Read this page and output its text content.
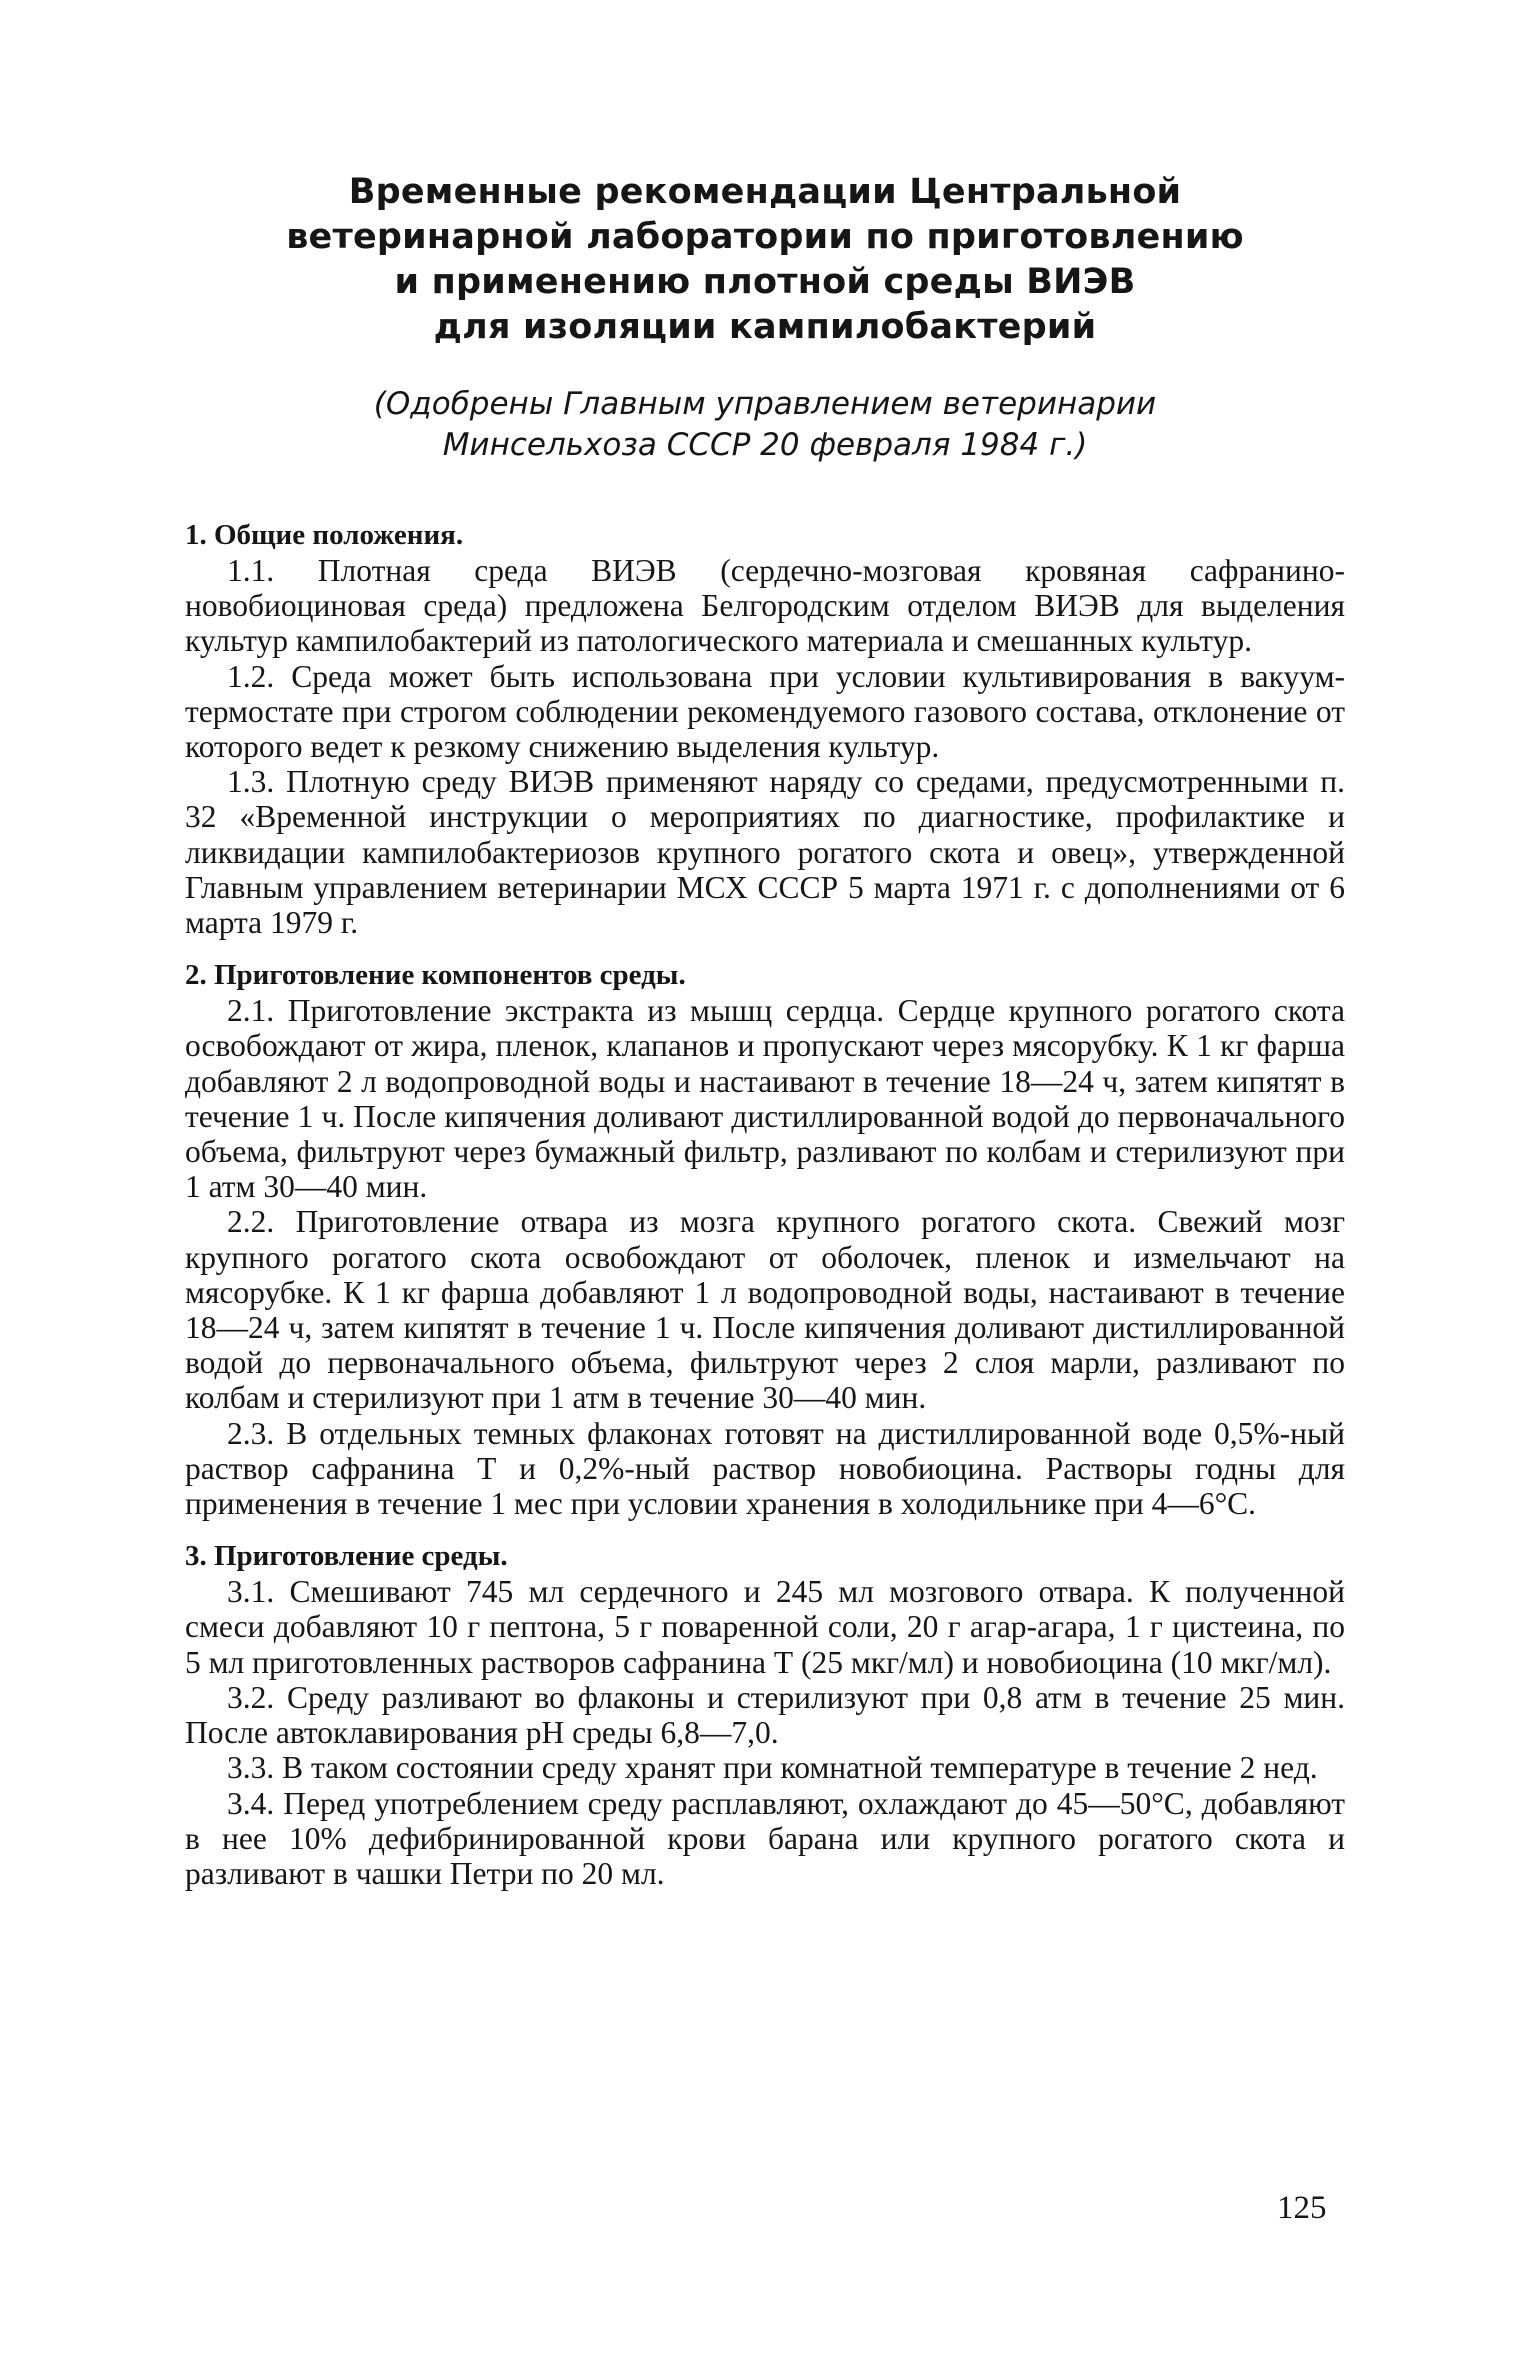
Временные рекомендации Центральной
ветеринарной лаборатории по приготовлению
и применению плотной среды ВИЭВ
для изоляции кампилобактерий
(Одобрены Главным управлением ветеринарии
Минсельхоза СССР 20 февраля 1984 г.)

1. Общие положения.

1.1. Плотная среда ВИЭВ (сердечно-мозговая кровяная сафранино-новобиоциновая среда) предложена Белгородским отделом ВИЭВ для выделения культур кампилобактерий из патологического материала и смешанных культур.

1.2. Среда может быть использована при условии культивирования в вакуум-термостате при строгом соблюдении рекомендуемого газового состава, отклонение от которого ведет к резкому снижению выделения культур.

1.3. Плотную среду ВИЭВ применяют наряду со средами, предусмотренными п. 32 «Временной инструкции о мероприятиях по диагностике, профилактике и ликвидации кампилобактериозов крупного рогатого скота и овец», утвержденной Главным управлением ветеринарии МСХ СССР 5 марта 1971 г. с дополнениями от 6 марта 1979 г.

2. Приготовление компонентов среды.

2.1. Приготовление экстракта из мышц сердца. Сердце крупного рогатого скота освобождают от жира, пленок, клапанов и пропускают через мясорубку. К 1 кг фарша добавляют 2 л водопроводной воды и настаивают в течение 18—24 ч, затем кипятят в течение 1 ч. После кипячения доливают дистиллированной водой до первоначального объема, фильтруют через бумажный фильтр, разливают по колбам и стерилизуют при 1 атм 30—40 мин.

2.2. Приготовление отвара из мозга крупного рогатого скота. Свежий мозг крупного рогатого скота освобождают от оболочек, пленок и измельчают на мясорубке. К 1 кг фарша добавляют 1 л водопроводной воды, настаивают в течение 18—24 ч, затем кипятят в течение 1 ч. После кипячения доливают дистиллированной водой до первоначального объема, фильтруют через 2 слоя марли, разливают по колбам и стерилизуют при 1 атм в течение 30—40 мин.

2.3. В отдельных темных флаконах готовят на дистиллированной воде 0,5%-ный раствор сафранина Т и 0,2%-ный раствор новобиоцина. Растворы годны для применения в течение 1 мес при условии хранения в холодильнике при 4—6°С.

3. Приготовление среды.

3.1. Смешивают 745 мл сердечного и 245 мл мозгового отвара. К полученной смеси добавляют 10 г пептона, 5 г поваренной соли, 20 г агар-агара, 1 г цистеина, по 5 мл приготовленных растворов сафранина Т (25 мкг/мл) и новобиоцина (10 мкг/мл).

3.2. Среду разливают во флаконы и стерилизуют при 0,8 атм в течение 25 мин. После автоклавирования pH среды 6,8—7,0.

3.3. В таком состоянии среду хранят при комнатной температуре в течение 2 нед.

3.4. Перед употреблением среду расплавляют, охлаждают до 45—50°С, добавляют в нее 10% дефибринированной крови барана или крупного рогатого скота и разливают в чашки Петри по 20 мл.

125
